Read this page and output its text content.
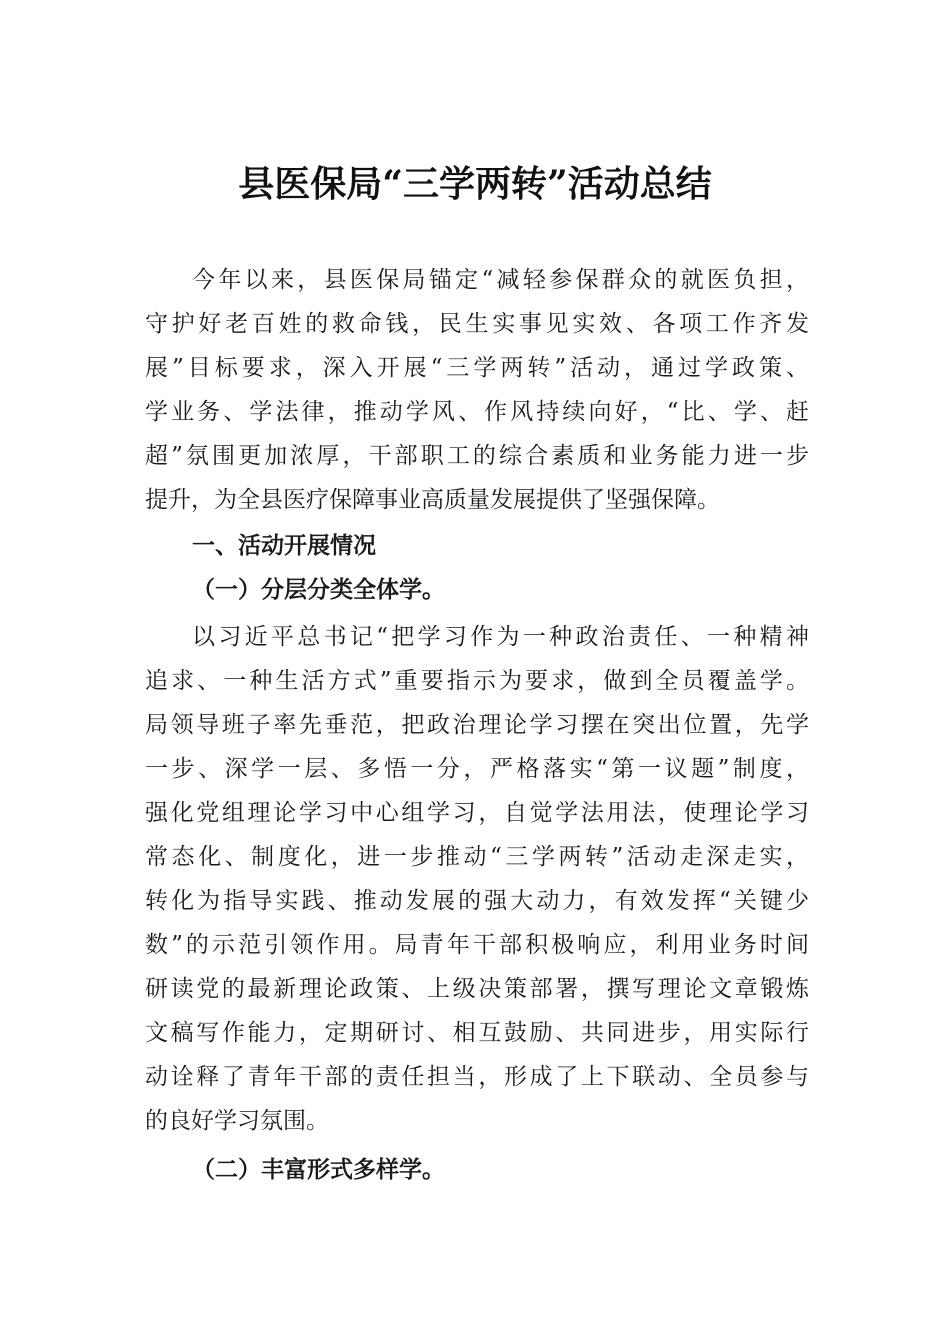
县医保局“三学两转”活动总结
今年以来，县医保局锚定“减轻参保群众的就医负担，
守护好老百姓的救命钱，民生实事见实效、各项工作齐发
展”目标要求，深入开展“三学两转”活动，通过学政策、
学业务、学法律，推动学风、作风持续向好，“比、学、赶
超”氛围更加浓厚，干部职工的综合素质和业务能力进一步
提升，为全县医疗保障事业高质量发展提供了坚强保障。
一、活动开展情况
（一）分层分类全体学。
以习近平总书记“把学习作为一种政治责任、一种精神
追求、一种生活方式”重要指示为要求，做到全员覆盖学。
局领导班子率先垂范，把政治理论学习摆在突出位置，先学
一步、深学一层、多悟一分，严格落实“第一议题”制度，
强化党组理论学习中心组学习，自觉学法用法，使理论学习
常态化、制度化，进一步推动“三学两转”活动走深走实，
转化为指导实践、推动发展的强大动力，有效发挥“关键少
数”的示范引领作用。局青年干部积极响应，利用业务时间
研读党的最新理论政策、上级决策部署，撰写理论文章锻炼
文稿写作能力，定期研讨、相互鼓励、共同进步，用实际行
动诠释了青年干部的责任担当，形成了上下联动、全员参与
的良好学习氛围。
（二）丰富形式多样学。
